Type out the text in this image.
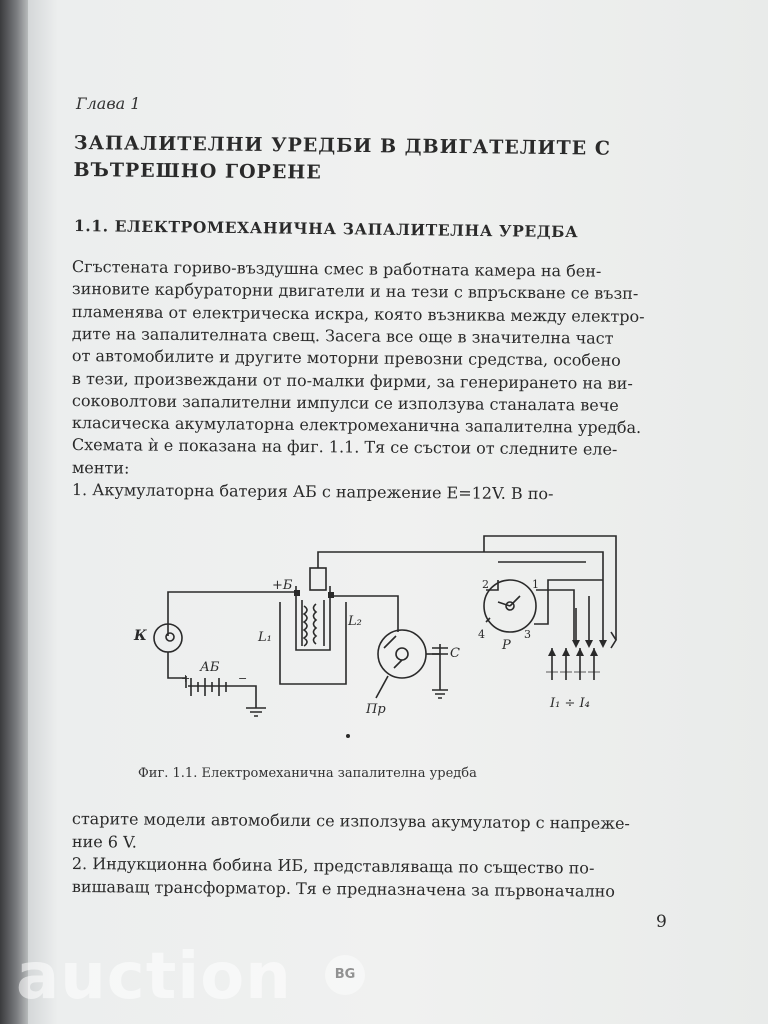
Глава 1
ЗАПАЛИТЕЛНИ УРЕДБИ В ДВИГАТЕЛИТЕ С ВЪТРЕШНО ГОРЕНЕ
1.1. ЕЛЕКТРОМЕХАНИЧНА ЗАПАЛИТЕЛНА УРЕДБА
Сгъстената гориво-въздушна смес в работната камера на бен-
зиновите карбураторни двигатели и на тези с впръскване се възп-
пламенява от електрическа искра, която възниква между електро-
дите на запалителната свещ. Засега все още в значителна част
от автомобилите и другите моторни превозни средства, особено
в тези, произвеждани от по-малки фирми, за генерирането на ви-
соковолтови запалителни импулси се използува станалата вече
класическа акумулаторна електромеханична запалителна уредба.
Схемата ѝ е показана на фиг. 1.1. Тя се състои от следните еле-
менти:
1. Акумулаторна батерия АБ с напрежение E=12V. В по-
К
АБ
+	−
+Б
L₁
L₂
С
Пр
Р
1
2
3
4
I₁ ÷ I₄
Фиг. 1.1. Електромеханична запалителна уредба
старите модели автомобили се използува акумулатор с напреже-
ние 6 V.
2. Индукционна бобина ИБ, представляваща по същество по-
вишаващ трансформатор. Тя е предназначена за първоначално
9
auction	BG
